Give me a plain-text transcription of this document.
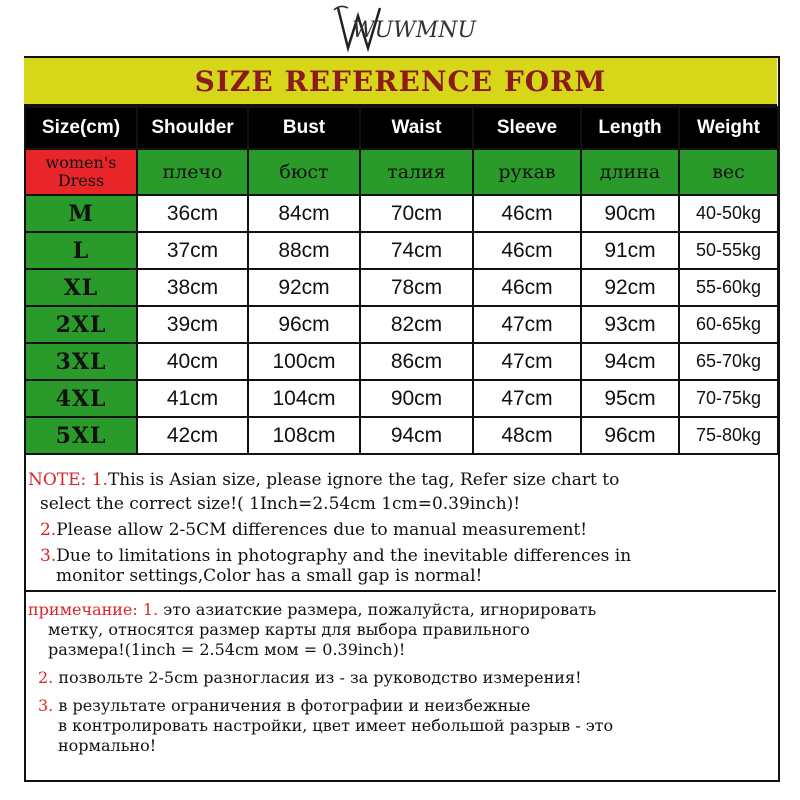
WUWMNU
SIZE REFERENCE FORM
Size(cm)	Shoulder	Bust	Waist	Sleeve	Length	Weight

women's
Dress	плечо	бюст	талия	рукав	длина	вес
M	36cm	84cm	70cm	46cm	90cm	40-50kg
L	37cm	88cm	74cm	46cm	91cm	50-55kg
XL	38cm	92cm	78cm	46cm	92cm	55-60kg
2XL	39cm	96cm	82cm	47cm	93cm	60-65kg
3XL	40cm	100cm	86cm	47cm	94cm	65-70kg
4XL	41cm	104cm	90cm	47cm	95cm	70-75kg
5XL	42cm	108cm	94cm	48cm	96cm	75-80kg
NOTE: 1.This is Asian size, please ignore the tag, Refer size chart to
select the correct size!( 1Inch=2.54cm 1cm=0.39inch)!
2.Please allow 2-5CM differences due to manual measurement!
3.Due to limitations in photography and the inevitable differences in
monitor settings,Color has a small gap is normal!
примечание: 1. это азиатские размера, пожалуйста, игнорировать
метку, относятся размер карты для выбора правильного
размера!(1inch = 2.54cm мом = 0.39inch)!
2. позвольте 2-5cm разногласия из - за руководство измерения!
3. в результате ограничения в фотографии и неизбежные
в контролировать настройки, цвет имеет небольшой разрыв - это
нормально!
